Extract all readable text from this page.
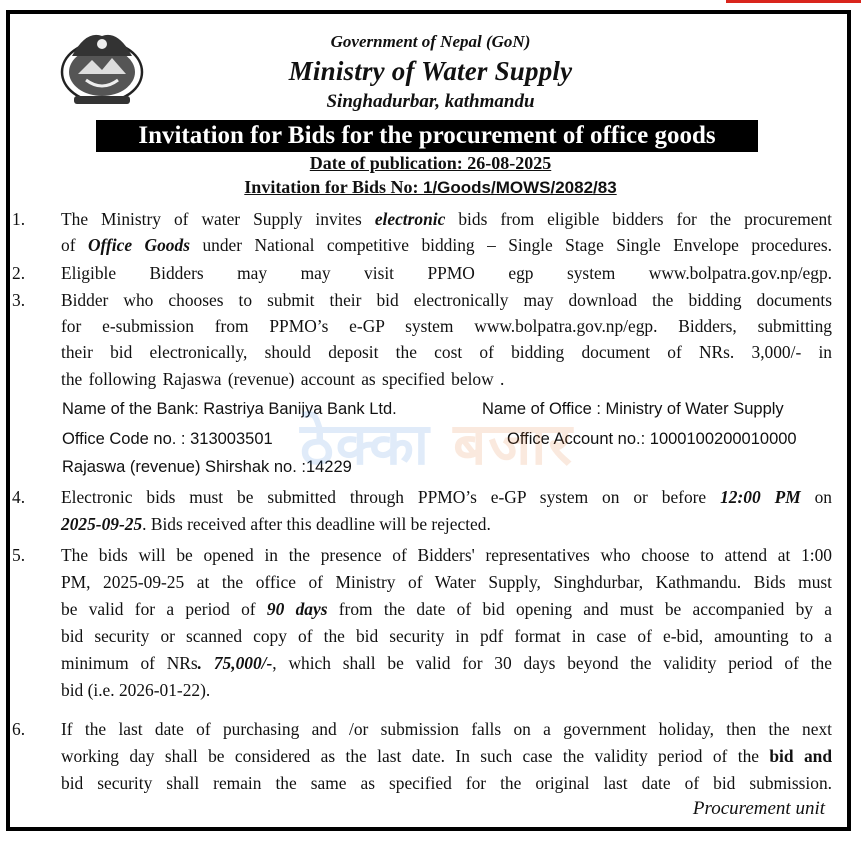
Government of Nepal (GoN)
Ministry of Water Supply
Singhadurbar, kathmandu
Invitation for Bids for the procurement of office goods
Date of publication: 26-08-2025
Invitation for Bids No: 1/Goods/MOWS/2082/83
1. The Ministry of water Supply invites electronic bids from eligible bidders for the procurement
of Office Goods under National competitive bidding – Single Stage Single Envelope procedures.
2. Eligible Bidders may may visit PPMO egp system www.bolpatra.gov.np/egp.
3. Bidder who chooses to submit their bid electronically may download the bidding documents
for e-submission from PPMO’s e-GP system www.bolpatra.gov.np/egp. Bidders, submitting
their bid electronically, should deposit the cost of bidding document of NRs. 3,000/- in
the following Rajaswa (revenue) account as specified below .
Name of the Bank: Rastriya Banijya Bank Ltd.	Name of Office : Ministry of Water Supply
Office Code no. : 313003501	Office Account no.: 1000100200010000
Rajaswa (revenue) Shirshak no. :14229
ठेक्का बजार
4. Electronic bids must be submitted through PPMO’s e-GP system on or before 12:00 PM on
2025-09-25. Bids received after this deadline will be rejected.
5. The bids will be opened in the presence of Bidders' representatives who choose to attend at 1:00
PM, 2025-09-25 at the office of Ministry of Water Supply, Singhdurbar, Kathmandu. Bids must
be valid for a period of 90 days from the date of bid opening and must be accompanied by a
bid security or scanned copy of the bid security in pdf format in case of e-bid, amounting to a
minimum of NRs. 75,000/-, which shall be valid for 30 days beyond the validity period of the
bid (i.e. 2026-01-22).
6. If the last date of purchasing and /or submission falls on a government holiday, then the next
working day shall be considered as the last date. In such case the validity period of the bid and
bid security shall remain the same as specified for the original last date of bid submission.
Procurement unit
